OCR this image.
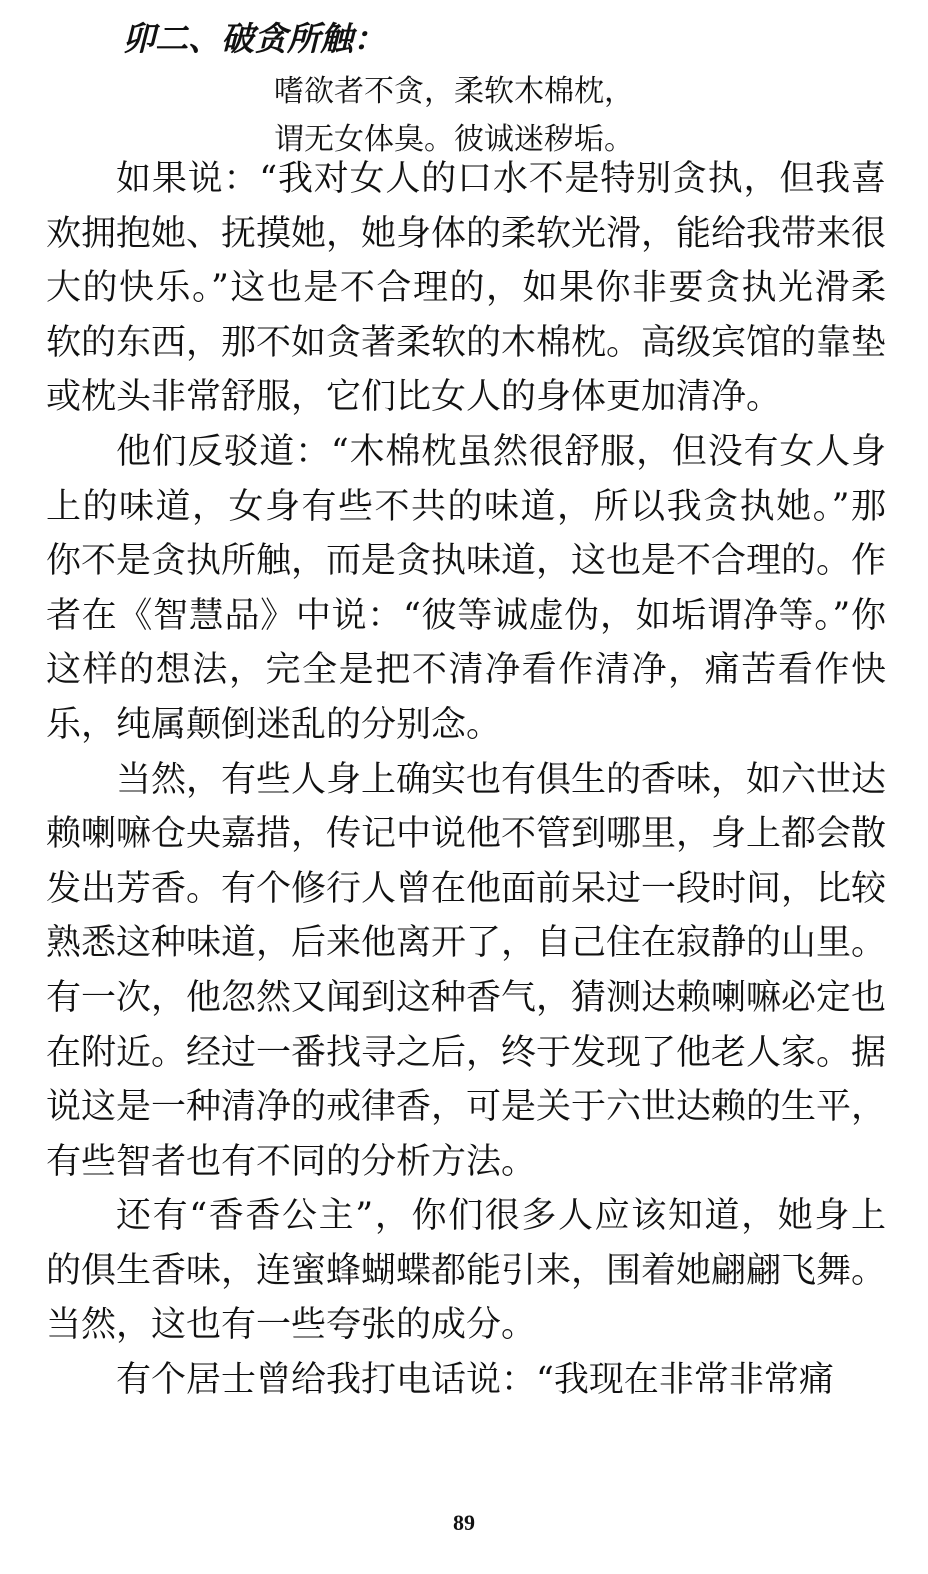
卯二、破贪所触：
嗜欲者不贪，柔软木棉枕，
谓无女体臭。彼诚迷秽垢。

如果说：“我对女人的口水不是特别贪执，但我喜欢拥抱她、抚摸她，她身体的柔软光滑，能给我带来很大的快乐。”这也是不合理的，如果你非要贪执光滑柔软的东西，那不如贪著柔软的木棉枕。高级宾馆的靠垫或枕头非常舒服，它们比女人的身体更加清净。

他们反驳道：“木棉枕虽然很舒服，但没有女人身上的味道，女身有些不共的味道，所以我贪执她。”那你不是贪执所触，而是贪执味道，这也是不合理的。作者在《智慧品》中说：“彼等诚虚伪，如垢谓净等。”你这样的想法，完全是把不清净看作清净，痛苦看作快乐，纯属颠倒迷乱的分别念。

当然，有些人身上确实也有俱生的香味，如六世达赖喇嘛仓央嘉措，传记中说他不管到哪里，身上都会散发出芳香。有个修行人曾在他面前呆过一段时间，比较熟悉这种味道，后来他离开了，自己住在寂静的山里。有一次，他忽然又闻到这种香气，猜测达赖喇嘛必定也在附近。经过一番找寻之后，终于发现了他老人家。据说这是一种清净的戒律香，可是关于六世达赖的生平，有些智者也有不同的分析方法。

还有“香香公主”，你们很多人应该知道，她身上的俱生香味，连蜜蜂蝴蝶都能引来，围着她翩翩飞舞。当然，这也有一些夸张的成分。

有个居士曾给我打电话说：“我现在非常非常痛

89
